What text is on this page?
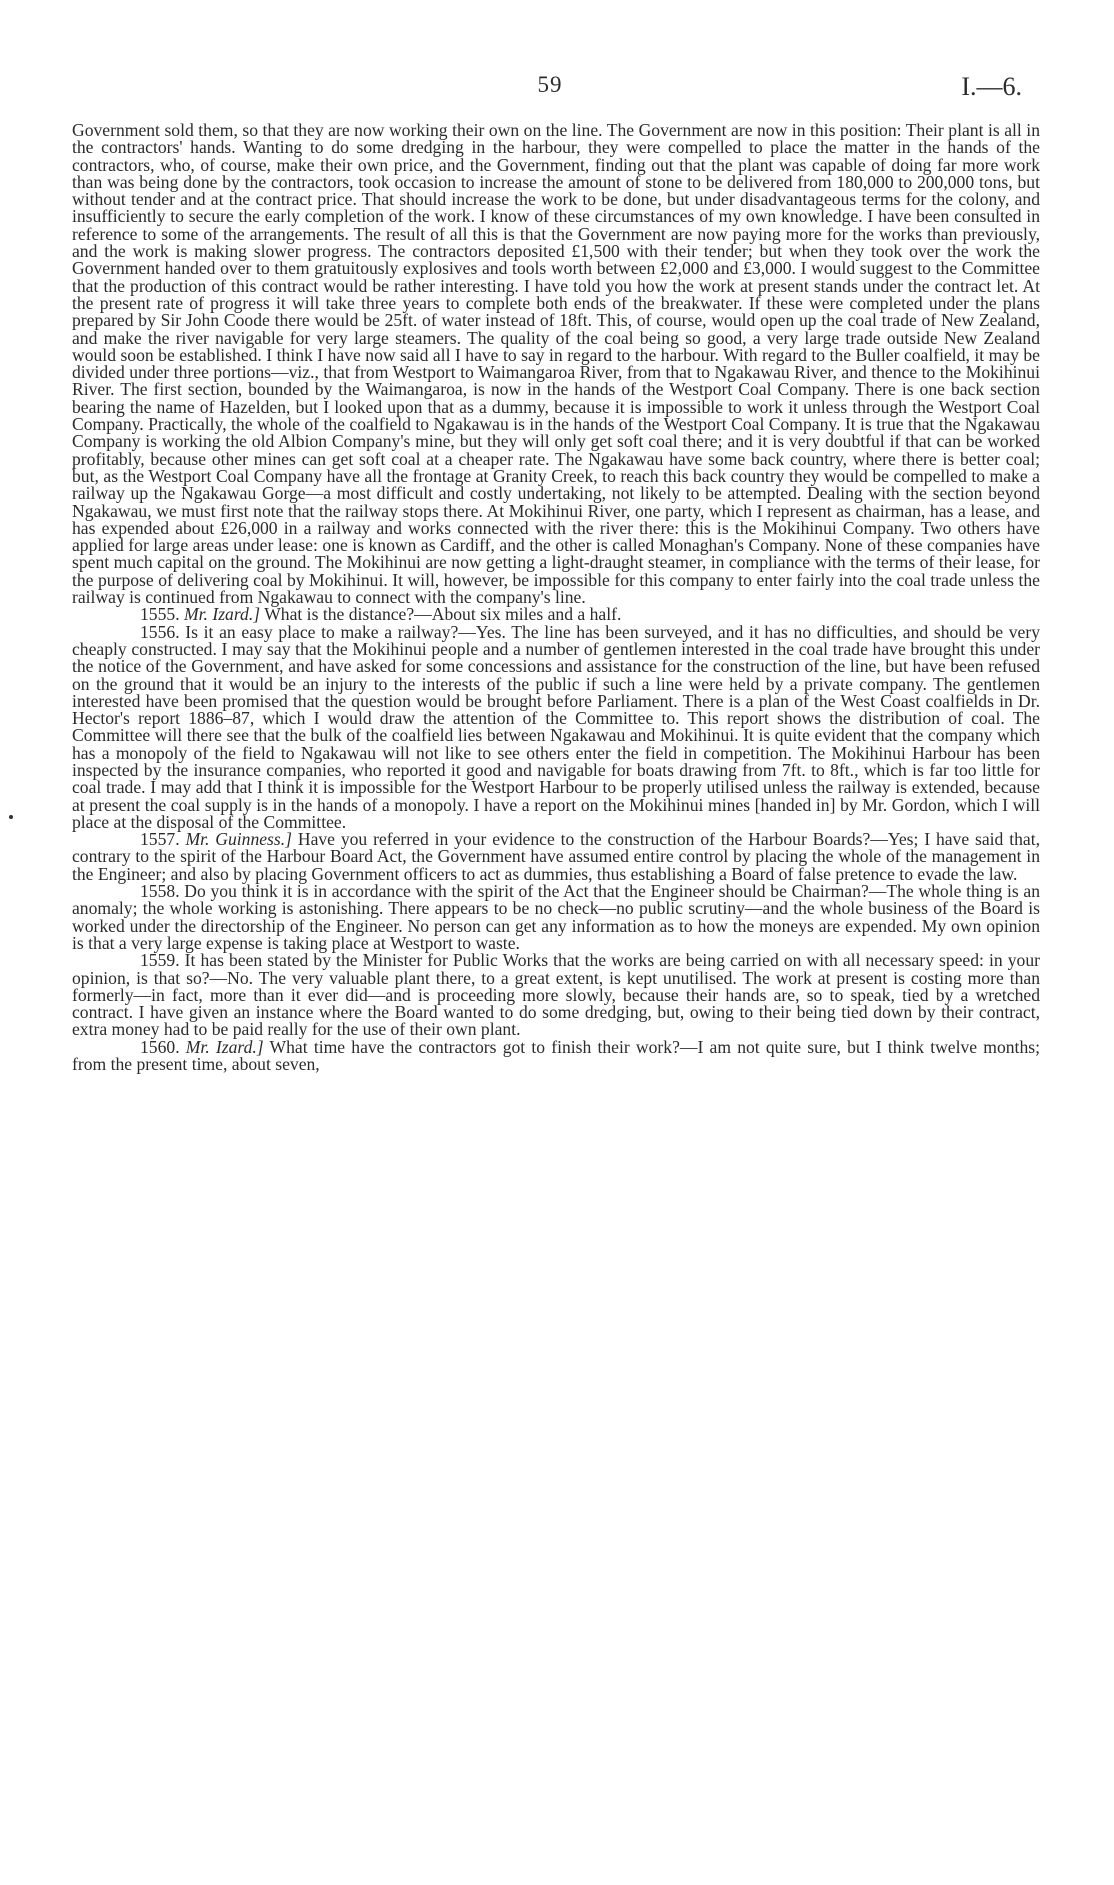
59	I.—6.

Government sold them, so that they are now working their own on the line. The Government are now in this position: Their plant is all in the contractors' hands. Wanting to do some dredging in the harbour, they were compelled to place the matter in the hands of the contractors, who, of course, make their own price, and the Government, finding out that the plant was capable of doing far more work than was being done by the contractors, took occasion to increase the amount of stone to be delivered from 180,000 to 200,000 tons, but without tender and at the contract price. That should increase the work to be done, but under disadvantageous terms for the colony, and insufficiently to secure the early completion of the work. I know of these circumstances of my own knowledge. I have been consulted in reference to some of the arrangements. The result of all this is that the Government are now paying more for the works than previously, and the work is making slower progress. The contractors deposited £1,500 with their tender; but when they took over the work the Government handed over to them gratuitously explosives and tools worth between £2,000 and £3,000. I would suggest to the Committee that the production of this contract would be rather interesting. I have told you how the work at present stands under the contract let. At the present rate of progress it will take three years to complete both ends of the breakwater. If these were completed under the plans prepared by Sir John Coode there would be 25ft. of water instead of 18ft. This, of course, would open up the coal trade of New Zealand, and make the river navigable for very large steamers. The quality of the coal being so good, a very large trade outside New Zealand would soon be established. I think I have now said all I have to say in regard to the harbour. With regard to the Buller coalfield, it may be divided under three portions—viz., that from Westport to Waimangaroa River, from that to Ngakawau River, and thence to the Mokihinui River. The first section, bounded by the Waimangaroa, is now in the hands of the Westport Coal Company. There is one back section bearing the name of Hazelden, but I looked upon that as a dummy, because it is impossible to work it unless through the Westport Coal Company. Practically, the whole of the coalfield to Ngakawau is in the hands of the Westport Coal Company. It is true that the Ngakawau Company is working the old Albion Company's mine, but they will only get soft coal there; and it is very doubtful if that can be worked profitably, because other mines can get soft coal at a cheaper rate. The Ngakawau have some back country, where there is better coal; but, as the Westport Coal Company have all the frontage at Granity Creek, to reach this back country they would be compelled to make a railway up the Ngakawau Gorge—a most difficult and costly undertaking, not likely to be attempted. Dealing with the section beyond Ngakawau, we must first note that the railway stops there. At Mokihinui River, one party, which I represent as chairman, has a lease, and has expended about £26,000 in a railway and works connected with the river there: this is the Mokihinui Company. Two others have applied for large areas under lease: one is known as Cardiff, and the other is called Monaghan's Company. None of these companies have spent much capital on the ground. The Mokihinui are now getting a light-draught steamer, in compliance with the terms of their lease, for the purpose of delivering coal by Mokihinui. It will, however, be impossible for this company to enter fairly into the coal trade unless the railway is continued from Ngakawau to connect with the company's line.

1555. Mr. Izard.] What is the distance?—About six miles and a half.

1556. Is it an easy place to make a railway?—Yes. The line has been surveyed, and it has no difficulties, and should be very cheaply constructed. I may say that the Mokihinui people and a number of gentlemen interested in the coal trade have brought this under the notice of the Government, and have asked for some concessions and assistance for the construction of the line, but have been refused on the ground that it would be an injury to the interests of the public if such a line were held by a private company. The gentlemen interested have been promised that the question would be brought before Parliament. There is a plan of the West Coast coalfields in Dr. Hector's report 1886–87, which I would draw the attention of the Committee to. This report shows the distribution of coal. The Committee will there see that the bulk of the coalfield lies between Ngakawau and Mokihinui. It is quite evident that the company which has a monopoly of the field to Ngakawau will not like to see others enter the field in competition. The Mokihinui Harbour has been inspected by the insurance companies, who reported it good and navigable for boats drawing from 7ft. to 8ft., which is far too little for coal trade. I may add that I think it is impossible for the Westport Harbour to be properly utilised unless the railway is extended, because at present the coal supply is in the hands of a monopoly. I have a report on the Mokihinui mines [handed in] by Mr. Gordon, which I will place at the disposal of the Committee.

1557. Mr. Guinness.] Have you referred in your evidence to the construction of the Harbour Boards?—Yes; I have said that, contrary to the spirit of the Harbour Board Act, the Government have assumed entire control by placing the whole of the management in the Engineer; and also by placing Government officers to act as dummies, thus establishing a Board of false pretence to evade the law.

1558. Do you think it is in accordance with the spirit of the Act that the Engineer should be Chairman?—The whole thing is an anomaly; the whole working is astonishing. There appears to be no check—no public scrutiny—and the whole business of the Board is worked under the directorship of the Engineer. No person can get any information as to how the moneys are expended. My own opinion is that a very large expense is taking place at Westport to waste.

1559. It has been stated by the Minister for Public Works that the works are being carried on with all necessary speed: in your opinion, is that so?—No. The very valuable plant there, to a great extent, is kept unutilised. The work at present is costing more than formerly—in fact, more than it ever did—and is proceeding more slowly, because their hands are, so to speak, tied by a wretched contract. I have given an instance where the Board wanted to do some dredging, but, owing to their being tied down by their contract, extra money had to be paid really for the use of their own plant.

1560. Mr. Izard.] What time have the contractors got to finish their work?—I am not quite sure, but I think twelve months; from the present time, about seven,
